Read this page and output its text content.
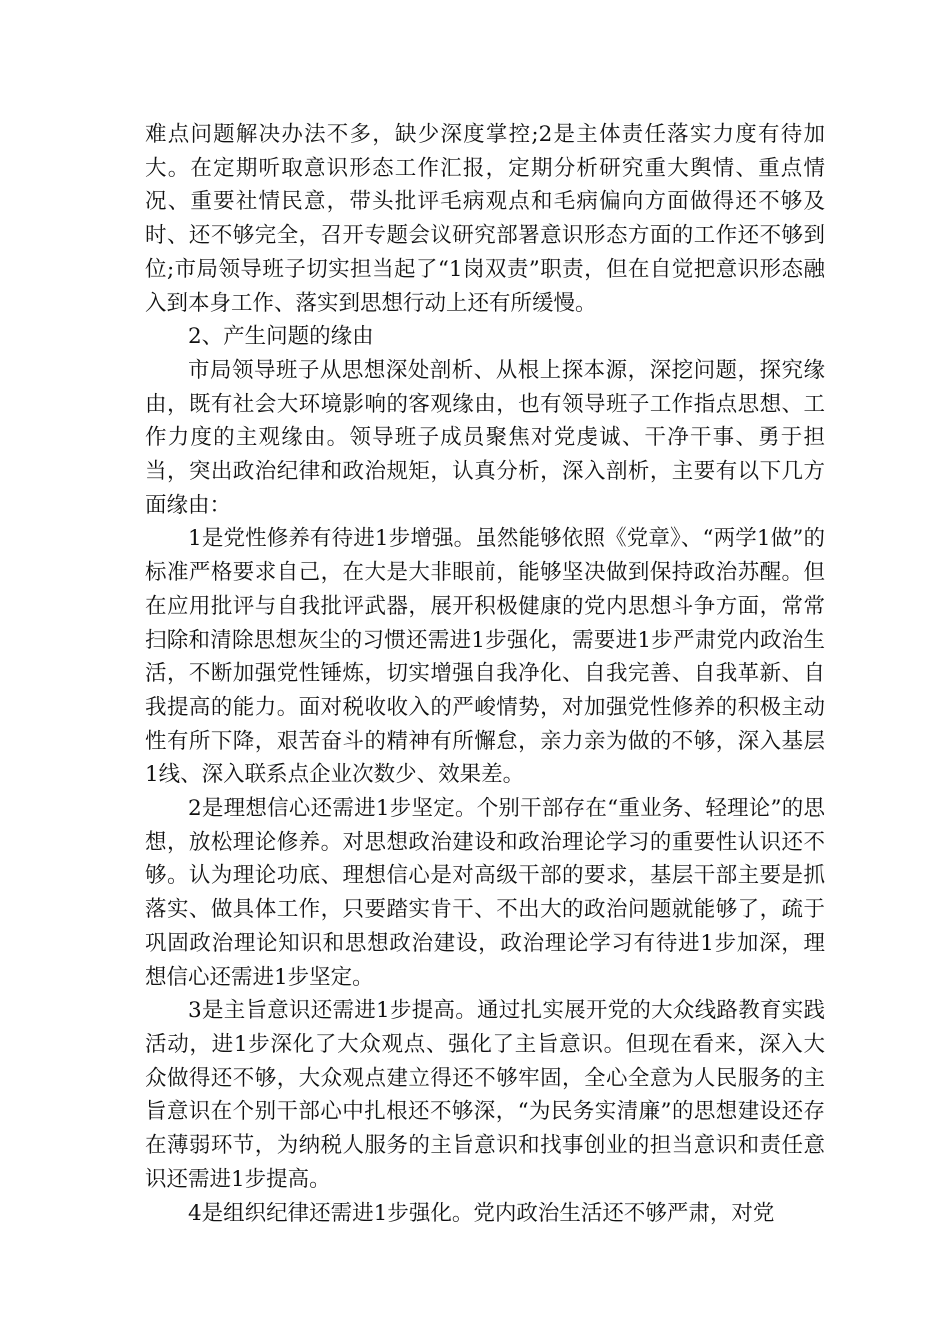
难点问题解决办法不多，缺少深度掌控;2是主体责任落实力度有待加大。在定期听取意识形态工作汇报，定期分析研究重大舆情、重点情况、重要社情民意，带头批评毛病观点和毛病偏向方面做得还不够及时、还不够完全，召开专题会议研究部署意识形态方面的工作还不够到位;市局领导班子切实担当起了“1岗双责”职责，但在自觉把意识形态融入到本身工作、落实到思想行动上还有所缓慢。

2、产生问题的缘由

市局领导班子从思想深处剖析、从根上探本源，深挖问题，探究缘由，既有社会大环境影响的客观缘由，也有领导班子工作指点思想、工作力度的主观缘由。领导班子成员聚焦对党虔诚、干净干事、勇于担当，突出政治纪律和政治规矩，认真分析，深入剖析，主要有以下几方面缘由：

1是党性修养有待进1步增强。虽然能够依照《党章》、“两学1做”的标准严格要求自己，在大是大非眼前，能够坚决做到保持政治苏醒。但在应用批评与自我批评武器，展开积极健康的党内思想斗争方面，常常扫除和清除思想灰尘的习惯还需进1步强化，需要进1步严肃党内政治生活，不断加强党性锤炼，切实增强自我净化、自我完善、自我革新、自我提高的能力。面对税收收入的严峻情势，对加强党性修养的积极主动性有所下降，艰苦奋斗的精神有所懈怠，亲力亲为做的不够，深入基层1线、深入联系点企业次数少、效果差。

2是理想信心还需进1步坚定。个别干部存在“重业务、轻理论”的思想，放松理论修养。对思想政治建设和政治理论学习的重要性认识还不够。认为理论功底、理想信心是对高级干部的要求，基层干部主要是抓落实、做具体工作，只要踏实肯干、不出大的政治问题就能够了，疏于巩固政治理论知识和思想政治建设，政治理论学习有待进1步加深，理想信心还需进1步坚定。

3是主旨意识还需进1步提高。通过扎实展开党的大众线路教育实践活动，进1步深化了大众观点、强化了主旨意识。但现在看来，深入大众做得还不够，大众观点建立得还不够牢固，全心全意为人民服务的主旨意识在个别干部心中扎根还不够深，“为民务实清廉”的思想建设还存在薄弱环节，为纳税人服务的主旨意识和找事创业的担当意识和责任意识还需进1步提高。

4是组织纪律还需进1步强化。党内政治生活还不够严肃，对党
